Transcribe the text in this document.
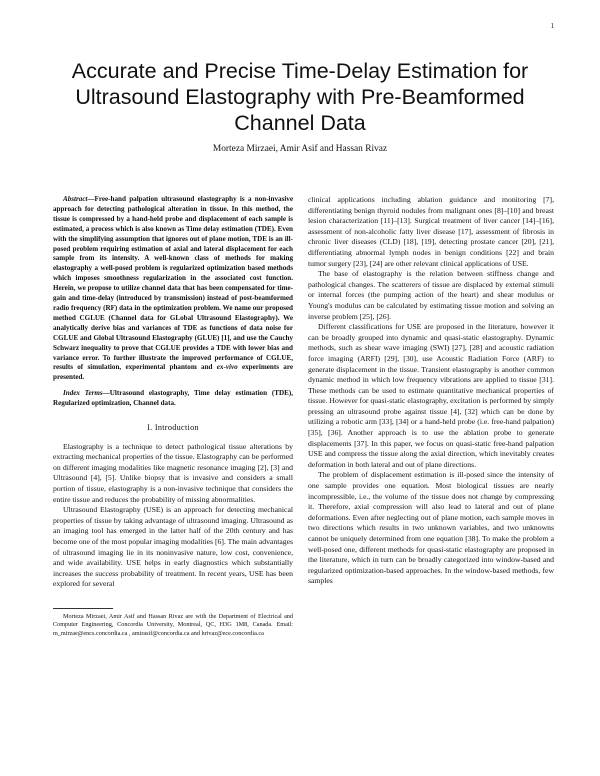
1
Accurate and Precise Time-Delay Estimation for Ultrasound Elastography with Pre-Beamformed Channel Data
Morteza Mirzaei, Amir Asif and Hassan Rivaz

Abstract—Free-hand palpation ultrasound elastography is a non-invasive approach for detecting pathological alteration in tissue. In this method, the tissue is compressed by a hand-held probe and displacement of each sample is estimated, a process which is also known as Time delay estimation (TDE). Even with the simplifying assumption that ignores out of plane motion, TDE is an ill-posed problem requiring estimation of axial and lateral displacement for each sample from its intensity. A well-known class of methods for making elastography a well-posed problem is regularized optimization based methods which imposes smoothness regularization in the associated cost function. Herein, we propose to utilize channel data that has been compensated for time-gain and time-delay (introduced by transmission) instead of post-beamformed radio frequency (RF) data in the optimization problem. We name our proposed method CGLUE (Channel data for GLobal Ultrasound Elastography). We analytically derive bias and variances of TDE as functions of data noise for CGLUE and Global Ultrasound Elastography (GLUE) [1], and use the Cauchy Schwarz inequality to prove that CGLUE provides a TDE with lower bias and variance error. To further illustrate the improved performance of CGLUE, results of simulation, experimental phantom and ex-vivo experiments are presented.

Index Terms—Ultrasound elastography, Time delay estimation (TDE), Regularized optimization, Channel data.

I. Introduction

Elastography is a technique to detect pathological tissue alterations by extracting mechanical properties of the tissue. Elastography can be performed on different imaging modalities like magnetic resonance imaging [2], [3] and Ultrasound [4], [5]. Unlike biopsy that is invasive and considers a small portion of tissue, elastography is a non-invasive technique that considers the entire tissue and reduces the probability of missing abnormalities.

Ultrasound Elastography (USE) is an approach for detecting mechanical properties of tissue by taking advantage of ultrasound imaging. Ultrasound as an imaging tool has emerged in the latter half of the 20th century and has become one of the most popular imaging modalities [6]. The main advantages of ultrasound imaging lie in its noninvasive nature, low cost, convenience, and wide availability. USE helps in early diagnostics which substantially increases the success probability of treatment. In recent years, USE has been explored for several

Morteza Mirzaei, Amir Asif and Hassan Rivaz are with the Department of Electrical and Computer Engineering, Concordia University, Montreal, QC, H3G 1M8, Canada. Email: m_mirzae@encs.concordia.ca , amirasif@concordia.ca and hrivaz@ece.concordia.ca

clinical applications including ablation guidance and monitoring [7], differentiating benign thyroid nodules from malignant ones [8]–[10] and breast lesion characterization [11]–[13]. Surgical treatment of liver cancer [14]–[16], assessment of non-alcoholic fatty liver disease [17], assessment of fibrosis in chronic liver diseases (CLD) [18], [19], detecting prostate cancer [20], [21], differentiating abnormal lymph nodes in benign conditions [22] and brain tumor surgery [23], [24] are other relevant clinical applications of USE.

The base of elastography is the relation between stiffness change and pathological changes. The scatterers of tissue are displaced by external stimuli or internal forces (the pumping action of the heart) and shear modulus or Young's modulus can be calculated by estimating tissue motion and solving an inverse problem [25], [26].

Different classifications for USE are proposed in the literature, however it can be broadly grouped into dynamic and quasi-static elastography. Dynamic methods, such as shear wave imaging (SWI) [27], [28] and acoustic radiation force imaging (ARFI) [29], [30], use Acoustic Radiation Force (ARF) to generate displacement in the tissue. Transient elastography is another common dynamic method in which low frequency vibrations are applied to tissue [31]. These methods can be used to estimate quantitative mechanical properties of tissue. However for quasi-static elastography, excitation is performed by simply pressing an ultrasound probe against tissue [4], [32] which can be done by utilizing a robotic arm [33], [34] or a hand-held probe (i.e. free-hand palpation) [35], [36]. Another approach is to use the ablation probe to generate displacements [37]. In this paper, we focus on quasi-static free-hand palpation USE and compress the tissue along the axial direction, which inevitably creates deformation in both lateral and out of plane directions.

The problem of displacement estimation is ill-posed since the intensity of one sample provides one equation. Most biological tissues are nearly incompressible, i.e., the volume of the tissue does not change by compressing it. Therefore, axial compression will also lead to lateral and out of plane deformations. Even after neglecting out of plane motion, each sample moves in two directions which results in two unknown variables, and two unknowns cannot be uniquely determined from one equation [38]. To make the problem a well-posed one, different methods for quasi-static elastography are proposed in the literature, which in turn can be broadly categorized into window-based and regularized optimization-based approaches. In the window-based methods, few samples
